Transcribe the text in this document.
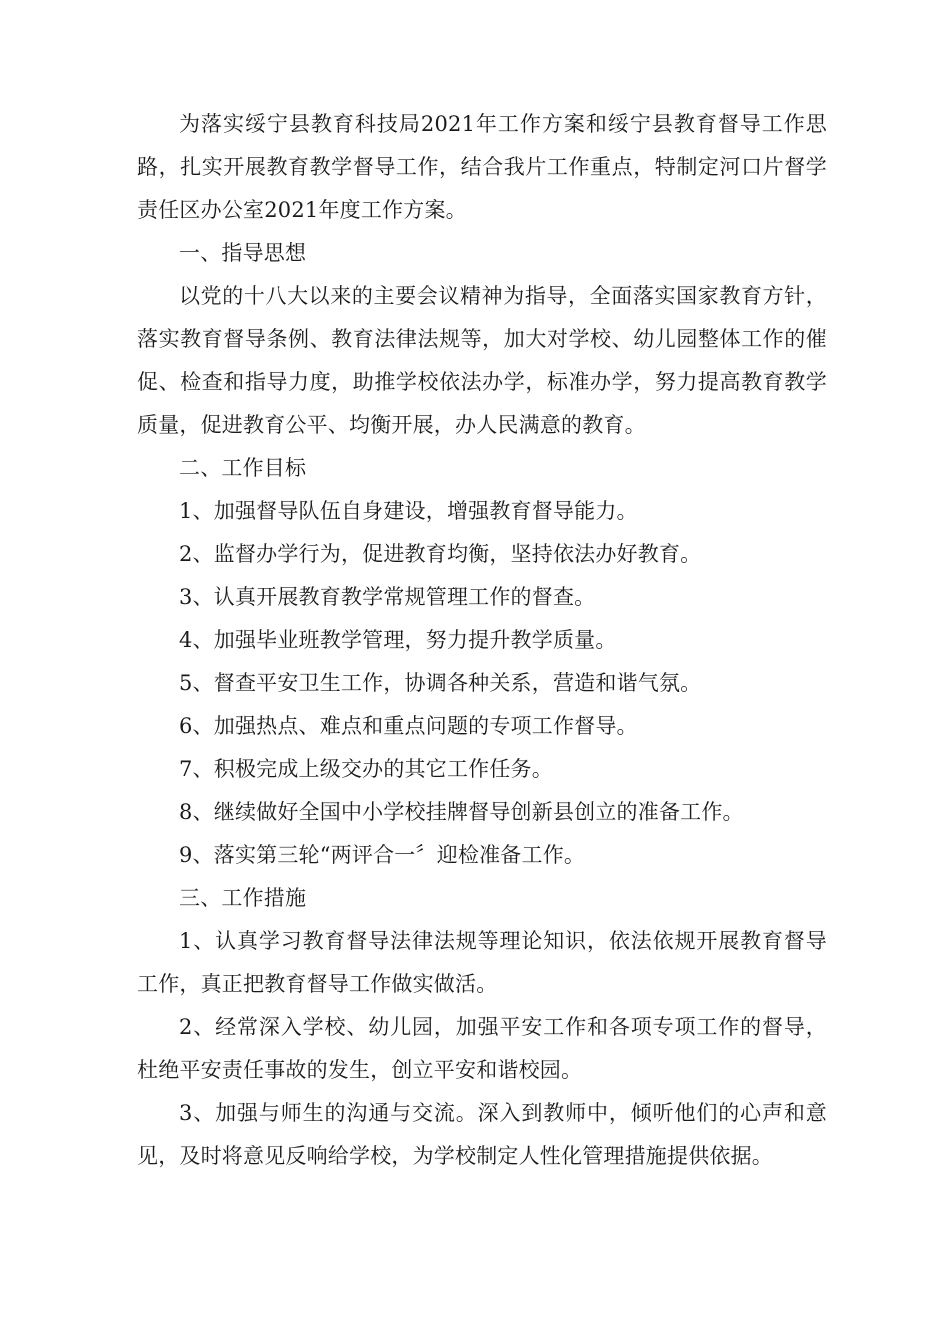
为落实绥宁县教育科技局2021年工作方案和绥宁县教育督导工作思路，扎实开展教育教学督导工作，结合我片工作重点，特制定河口片督学责任区办公室2021年度工作方案。

一、指导思想

以党的十八大以来的主要会议精神为指导，全面落实国家教育方针，落实教育督导条例、教育法律法规等，加大对学校、幼儿园整体工作的催促、检查和指导力度，助推学校依法办学，标准办学，努力提高教育教学质量，促进教育公平、均衡开展，办人民满意的教育。

二、工作目标

1、加强督导队伍自身建设，增强教育督导能力。

2、监督办学行为，促进教育均衡，坚持依法办好教育。

3、认真开展教育教学常规管理工作的督查。

4、加强毕业班教学管理，努力提升教学质量。

5、督查平安卫生工作，协调各种关系，营造和谐气氛。

6、加强热点、难点和重点问题的专项工作督导。

7、积极完成上级交办的其它工作任务。

8、继续做好全国中小学校挂牌督导创新县创立的准备工作。

9、落实第三轮“两评合一〞迎检准备工作。

三、工作措施

1、认真学习教育督导法律法规等理论知识，依法依规开展教育督导工作，真正把教育督导工作做实做活。

2、经常深入学校、幼儿园，加强平安工作和各项专项工作的督导，杜绝平安责任事故的发生，创立平安和谐校园。

3、加强与师生的沟通与交流。深入到教师中，倾听他们的心声和意见，及时将意见反响给学校，为学校制定人性化管理措施提供依据。
